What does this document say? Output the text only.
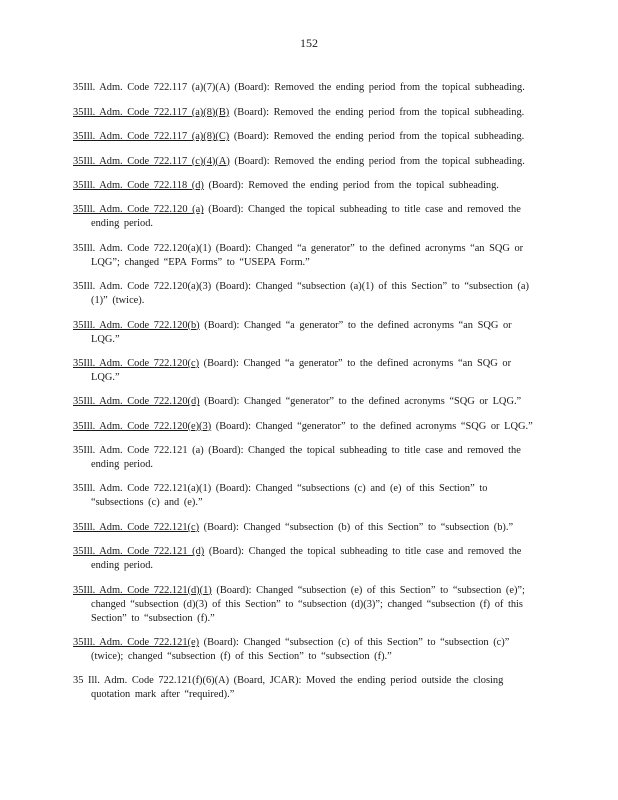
152

35Ill. Adm. Code 722.117 (a)(7)(A) (Board): Removed the ending period from the topical subheading.

35Ill. Adm. Code 722.117 (a)(8)(B) (Board): Removed the ending period from the topical subheading.

35Ill. Adm. Code 722.117 (a)(8)(C) (Board): Removed the ending period from the topical subheading.

35Ill. Adm. Code 722.117 (c)(4)(A) (Board): Removed the ending period from the topical subheading.

35Ill. Adm. Code 722.118 (d) (Board): Removed the ending period from the topical subheading.

35Ill. Adm. Code 722.120 (a) (Board): Changed the topical subheading to title case and removed the ending period.

35Ill. Adm. Code 722.120(a)(1) (Board): Changed “a generator” to the defined acronyms “an SQG or LQG”; changed “EPA Forms” to “USEPA Form.”

35Ill. Adm. Code 722.120(a)(3) (Board): Changed “subsection (a)(1) of this Section” to “subsection (a)(1)” (twice).

35Ill. Adm. Code 722.120(b) (Board): Changed “a generator” to the defined acronyms “an SQG or LQG.”

35Ill. Adm. Code 722.120(c) (Board): Changed “a generator” to the defined acronyms “an SQG or LQG.”

35Ill. Adm. Code 722.120(d) (Board): Changed “generator” to the defined acronyms “SQG or LQG.”

35Ill. Adm. Code 722.120(e)(3) (Board): Changed “generator” to the defined acronyms “SQG or LQG.”

35Ill. Adm. Code 722.121 (a) (Board): Changed the topical subheading to title case and removed the ending period.

35Ill. Adm. Code 722.121(a)(1) (Board): Changed “subsections (c) and (e) of this Section” to “subsections (c) and (e).”

35Ill. Adm. Code 722.121(c) (Board): Changed “subsection (b) of this Section” to “subsection (b).”

35Ill. Adm. Code 722.121 (d) (Board): Changed the topical subheading to title case and removed the ending period.

35Ill. Adm. Code 722.121(d)(1) (Board): Changed “subsection (e) of this Section” to “subsection (e)”; changed “subsection (d)(3) of this Section” to “subsection (d)(3)”; changed “subsection (f) of this Section” to “subsection (f).”

35Ill. Adm. Code 722.121(e) (Board): Changed “subsection (c) of this Section” to “subsection (c)” (twice); changed “subsection (f) of this Section” to “subsection (f).”

35 Ill. Adm. Code 722.121(f)(6)(A) (Board, JCAR): Moved the ending period outside the closing quotation mark after “required).”
